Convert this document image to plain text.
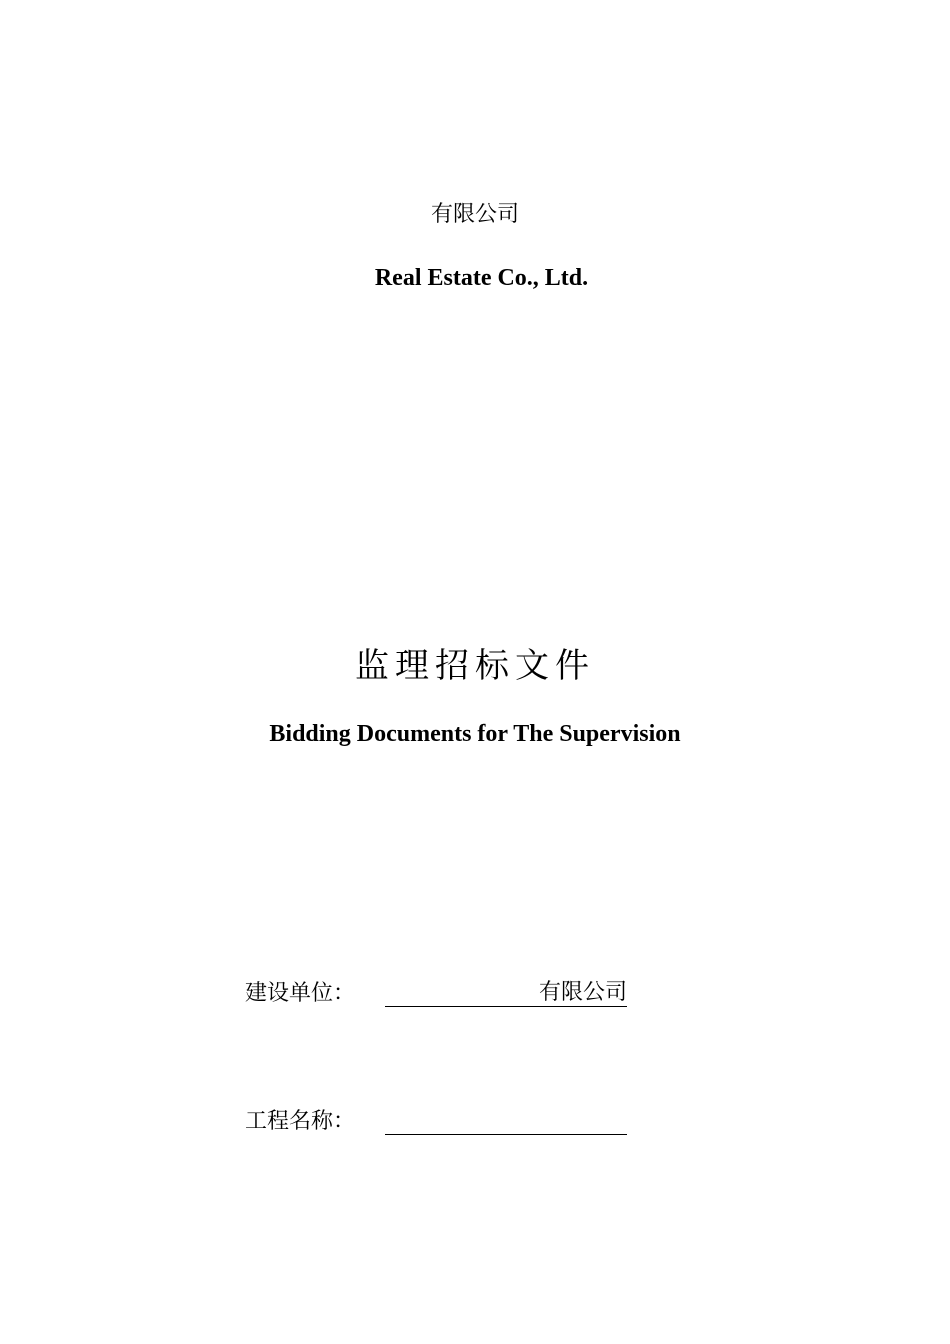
有限公司
Real Estate Co., Ltd.
监理招标文件
Bidding Documents for The Supervision
建设单位：	有限公司
工程名称：
